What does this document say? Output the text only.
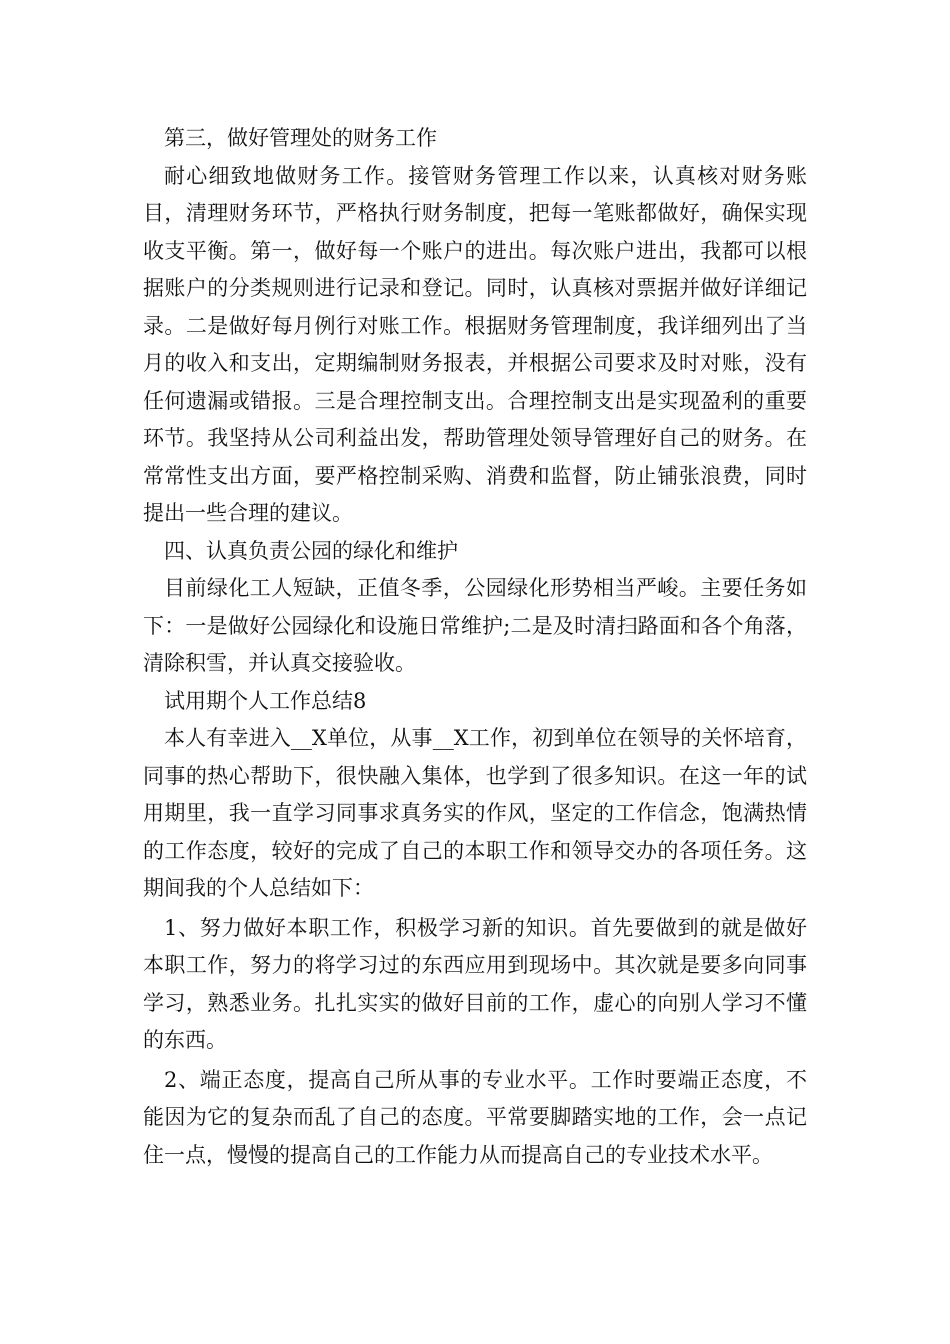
第三，做好管理处的财务工作

耐心细致地做财务工作。接管财务管理工作以来，认真核对财务账目，清理财务环节，严格执行财务制度，把每一笔账都做好，确保实现收支平衡。第一，做好每一个账户的进出。每次账户进出，我都可以根据账户的分类规则进行记录和登记。同时，认真核对票据并做好详细记录。二是做好每月例行对账工作。根据财务管理制度，我详细列出了当月的收入和支出，定期编制财务报表，并根据公司要求及时对账，没有任何遗漏或错报。三是合理控制支出。合理控制支出是实现盈利的重要环节。我坚持从公司利益出发，帮助管理处领导管理好自己的财务。在常常性支出方面，要严格控制采购、消费和监督，防止铺张浪费，同时提出一些合理的建议。

四、认真负责公园的绿化和维护

目前绿化工人短缺，正值冬季，公园绿化形势相当严峻。主要任务如下：一是做好公园绿化和设施日常维护;二是及时清扫路面和各个角落，清除积雪，并认真交接验收。

试用期个人工作总结8

本人有幸进入__X单位，从事__X工作，初到单位在领导的关怀培育，同事的热心帮助下，很快融入集体，也学到了很多知识。在这一年的试用期里，我一直学习同事求真务实的作风，坚定的工作信念，饱满热情的工作态度，较好的完成了自己的本职工作和领导交办的各项任务。这期间我的个人总结如下：

1、努力做好本职工作，积极学习新的知识。首先要做到的就是做好本职工作，努力的将学习过的东西应用到现场中。其次就是要多向同事学习，熟悉业务。扎扎实实的做好目前的工作，虚心的向别人学习不懂的东西。

2、端正态度，提高自己所从事的专业水平。工作时要端正态度，不能因为它的复杂而乱了自己的态度。平常要脚踏实地的工作，会一点记住一点，慢慢的提高自己的工作能力从而提高自己的专业技术水平。
